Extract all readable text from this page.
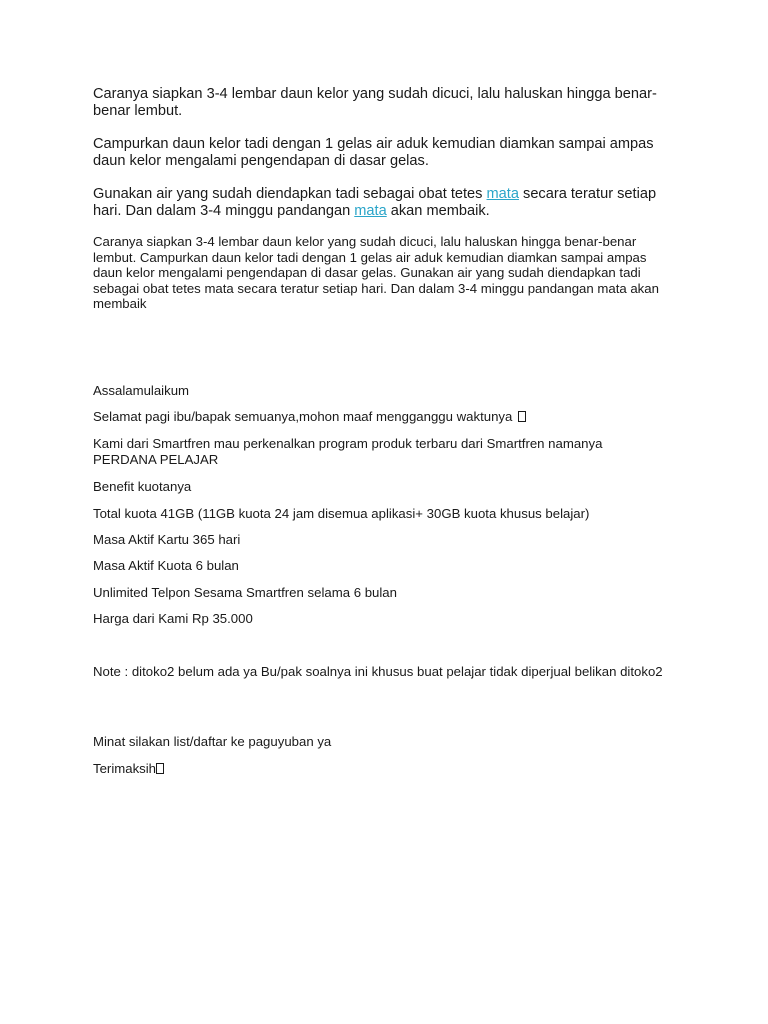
Caranya siapkan 3-4 lembar daun kelor yang sudah dicuci, lalu haluskan hingga benar-benar lembut.

Campurkan daun kelor tadi dengan 1 gelas air aduk kemudian diamkan sampai ampas daun kelor mengalami pengendapan di dasar gelas.

Gunakan air yang sudah diendapkan tadi sebagai obat tetes mata secara teratur setiap hari. Dan dalam 3-4 minggu pandangan mata akan membaik.

Caranya siapkan 3-4 lembar daun kelor yang sudah dicuci, lalu haluskan hingga benar-benar lembut. Campurkan daun kelor tadi dengan 1 gelas air aduk kemudian diamkan sampai ampas daun kelor mengalami pengendapan di dasar gelas. Gunakan air yang sudah diendapkan tadi sebagai obat tetes mata secara teratur setiap hari. Dan dalam 3-4 minggu pandangan mata akan membaik

Assalamulaikum

Selamat pagi ibu/bapak semuanya,mohon maaf mengganggu waktunya

Kami dari Smartfren mau perkenalkan program produk terbaru dari Smartfren namanya PERDANA PELAJAR

Benefit kuotanya

Total kuota 41GB (11GB kuota 24 jam disemua aplikasi+ 30GB kuota khusus belajar)

Masa Aktif Kartu 365 hari

Masa Aktif Kuota 6 bulan

Unlimited Telpon Sesama Smartfren selama 6 bulan

Harga dari Kami Rp 35.000

Note : ditoko2 belum ada ya Bu/pak soalnya ini khusus buat pelajar tidak diperjual belikan ditoko2

Minat silakan list/daftar ke paguyuban ya

Terimaksih
